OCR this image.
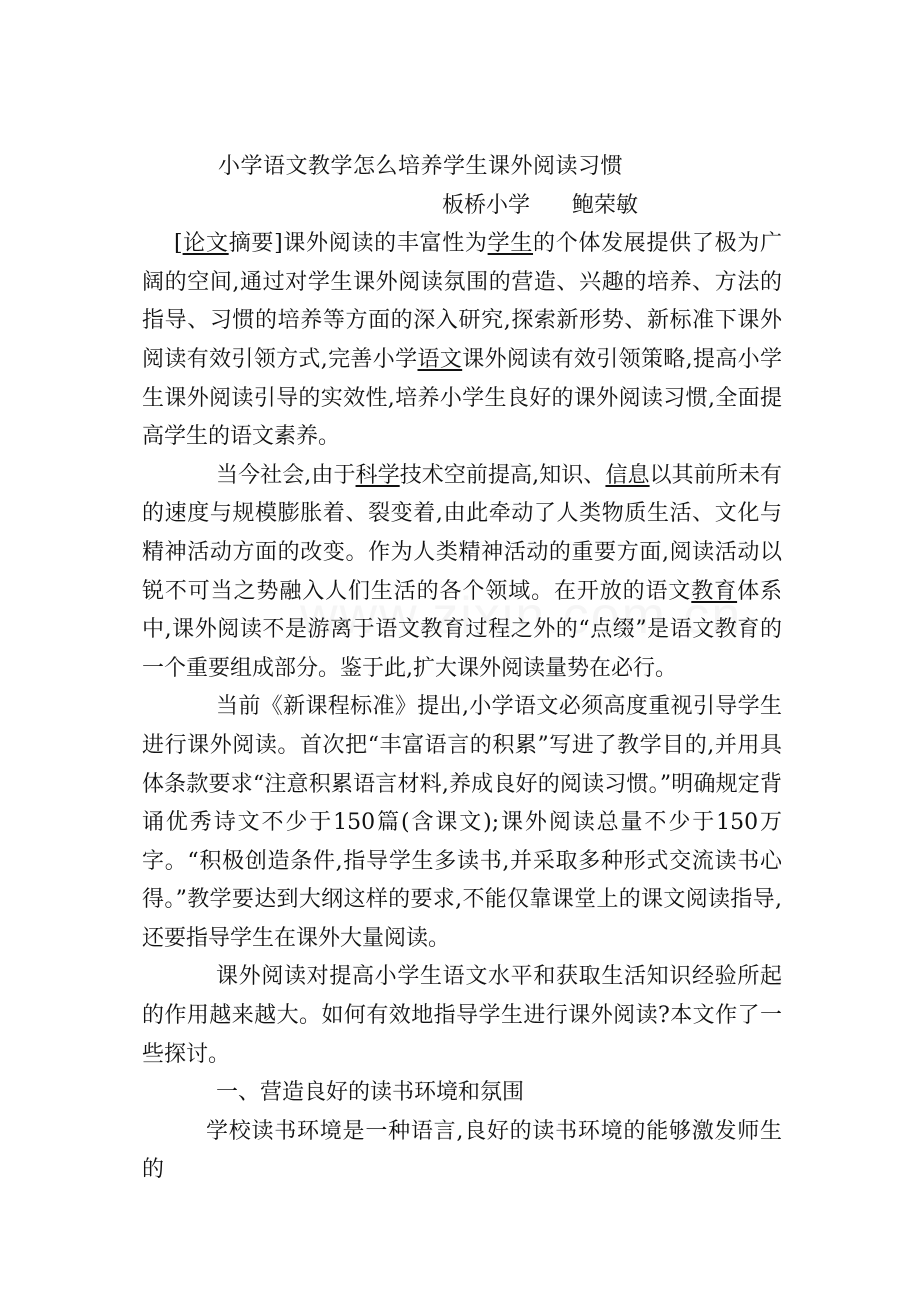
小学语文教学怎么培养学生课外阅读习惯
板桥小学      鲍荣敏

[论文摘要]课外阅读的丰富性为学生的个体发展提供了极为广阔的空间,通过对学生课外阅读氛围的营造、兴趣的培养、方法的指导、习惯的培养等方面的深入研究,探索新形势、新标准下课外阅读有效引领方式,完善小学语文课外阅读有效引领策略,提高小学生课外阅读引导的实效性,培养小学生良好的课外阅读习惯,全面提高学生的语文素养。

当今社会,由于科学技术空前提高,知识、信息以其前所未有的速度与规模膨胀着、裂变着,由此牵动了人类物质生活、文化与精神活动方面的改变。作为人类精神活动的重要方面,阅读活动以锐不可当之势融入人们生活的各个领域。在开放的语文教育体系中,课外阅读不是游离于语文教育过程之外的“点缀”是语文教育的一个重要组成部分。鉴于此,扩大课外阅读量势在必行。

当前《新课程标准》提出,小学语文必须高度重视引导学生进行课外阅读。首次把“丰富语言的积累”写进了教学目的,并用具体条款要求“注意积累语言材料,养成良好的阅读习惯。”明确规定背诵优秀诗文不少于150篇(含课文);课外阅读总量不少于150万字。“积极创造条件,指导学生多读书,并采取多种形式交流读书心得。”教学要达到大纲这样的要求,不能仅靠课堂上的课文阅读指导,还要指导学生在课外大量阅读。

课外阅读对提高小学生语文水平和获取生活知识经验所起的作用越来越大。如何有效地指导学生进行课外阅读?本文作了一些探讨。

一、营造良好的读书环境和氛围

学校读书环境是一种语言,良好的读书环境的能够激发师生的
